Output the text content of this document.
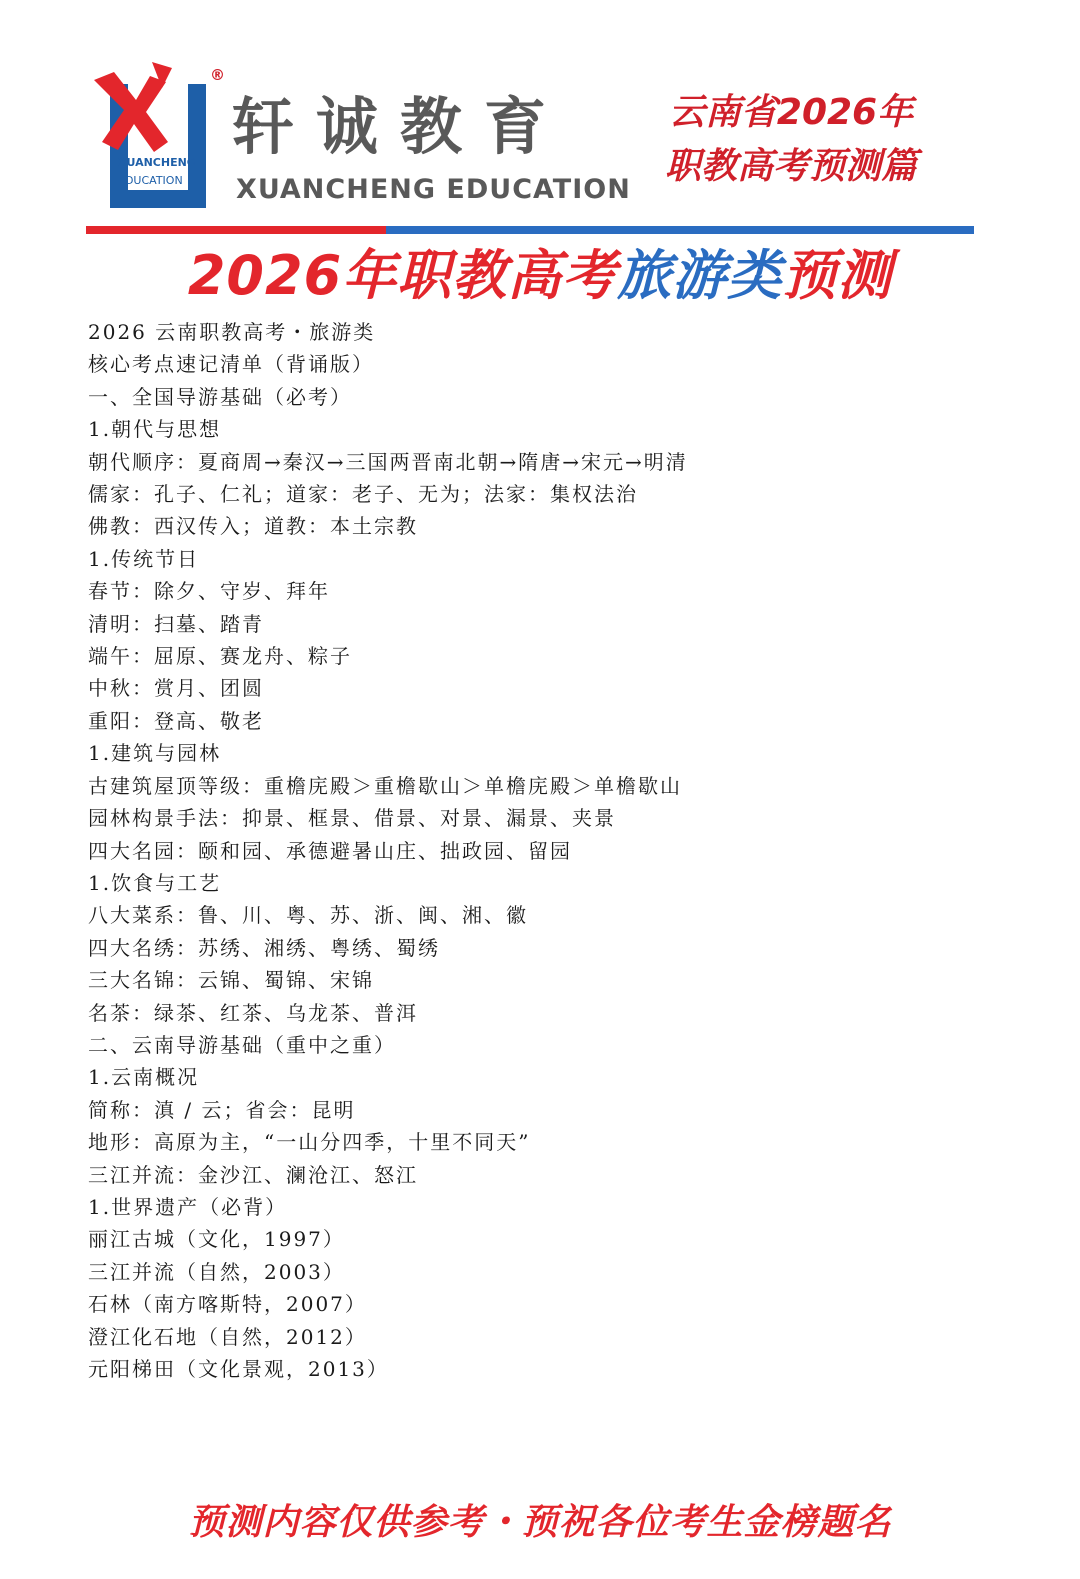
®
XUANCHENG
EDUCATION
轩诚教育
XUANCHENG EDUCATION
云南省2026年
职教高考预测篇
2026年职教高考旅游类预测
2026 云南职教高考・旅游类
核心考点速记清单（背诵版）
一、全国导游基础（必考）
1.朝代与思想
朝代顺序：夏商周→秦汉→三国两晋南北朝→隋唐→宋元→明清
儒家：孔子、仁礼；道家：老子、无为；法家：集权法治
佛教：西汉传入；道教：本土宗教
1.传统节日
春节：除夕、守岁、拜年
清明：扫墓、踏青
端午：屈原、赛龙舟、粽子
中秋：赏月、团圆
重阳：登高、敬老
1.建筑与园林
古建筑屋顶等级：重檐庑殿＞重檐歇山＞单檐庑殿＞单檐歇山
园林构景手法：抑景、框景、借景、对景、漏景、夹景
四大名园：颐和园、承德避暑山庄、拙政园、留园
1.饮食与工艺
八大菜系：鲁、川、粤、苏、浙、闽、湘、徽
四大名绣：苏绣、湘绣、粤绣、蜀绣
三大名锦：云锦、蜀锦、宋锦
名茶：绿茶、红茶、乌龙茶、普洱
二、云南导游基础（重中之重）
1.云南概况
简称：滇 / 云；省会：昆明
地形：高原为主，“一山分四季，十里不同天”
三江并流：金沙江、澜沧江、怒江
1.世界遗产（必背）
丽江古城（文化，1997）
三江并流（自然，2003）
石林（南方喀斯特，2007）
澄江化石地（自然，2012）
元阳梯田（文化景观，2013）
预测内容仅供参考・预祝各位考生金榜题名
